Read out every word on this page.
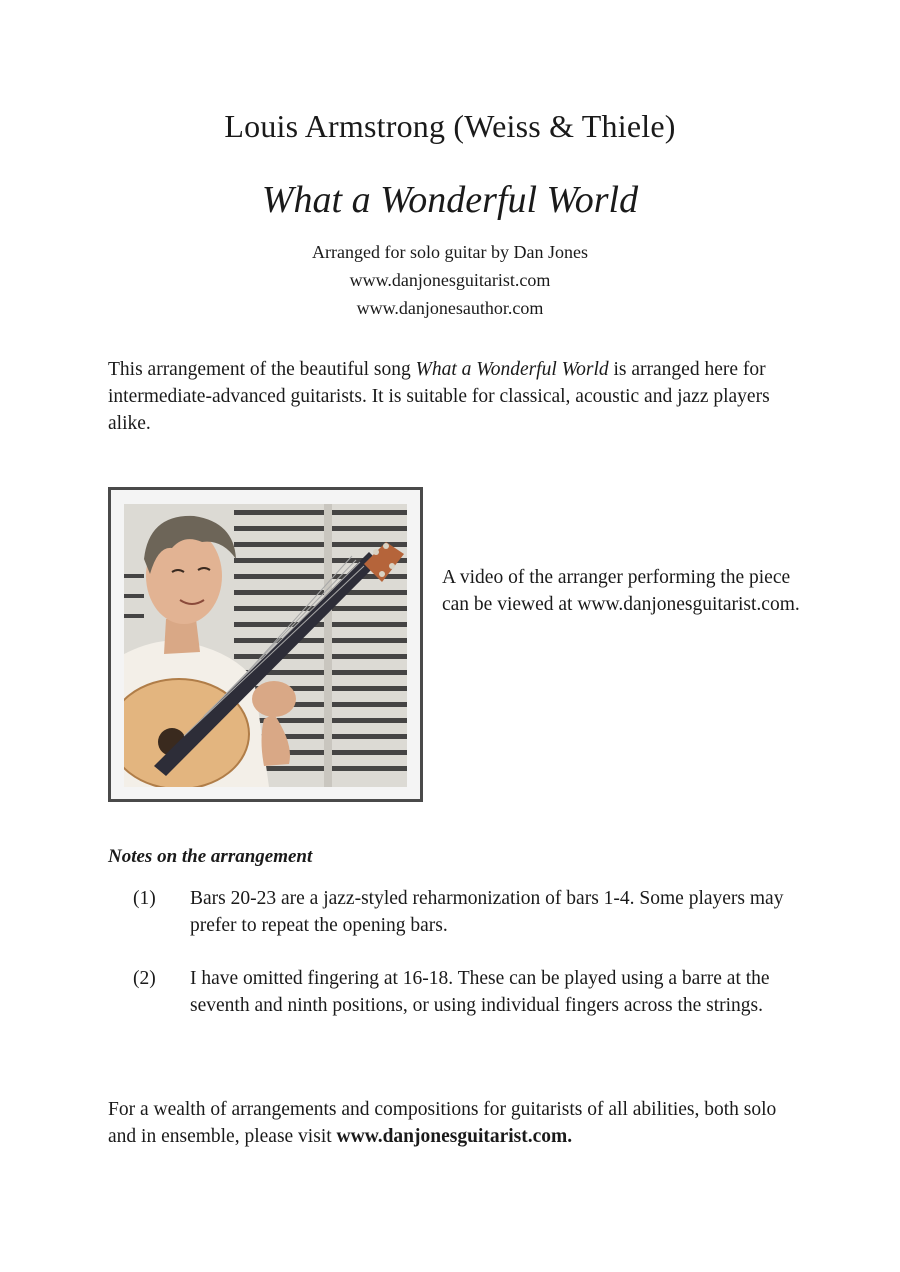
Louis Armstrong (Weiss & Thiele)
What a Wonderful World
Arranged for solo guitar by Dan Jones
www.danjonesguitarist.com
www.danjonesauthor.com
This arrangement of the beautiful song What a Wonderful World is arranged here for intermediate-advanced guitarists. It is suitable for classical, acoustic and jazz players alike.
A video of the arranger performing the piece can be viewed at www.danjonesguitarist.com.
Notes on the arrangement
(1) Bars 20-23 are a jazz-styled reharmonization of bars 1-4. Some players may prefer to repeat the opening bars.
(2) I have omitted fingering at 16-18. These can be played using a barre at the seventh and ninth positions, or using individual fingers across the strings.
For a wealth of arrangements and compositions for guitarists of all abilities, both solo and in ensemble, please visit www.danjonesguitarist.com.
